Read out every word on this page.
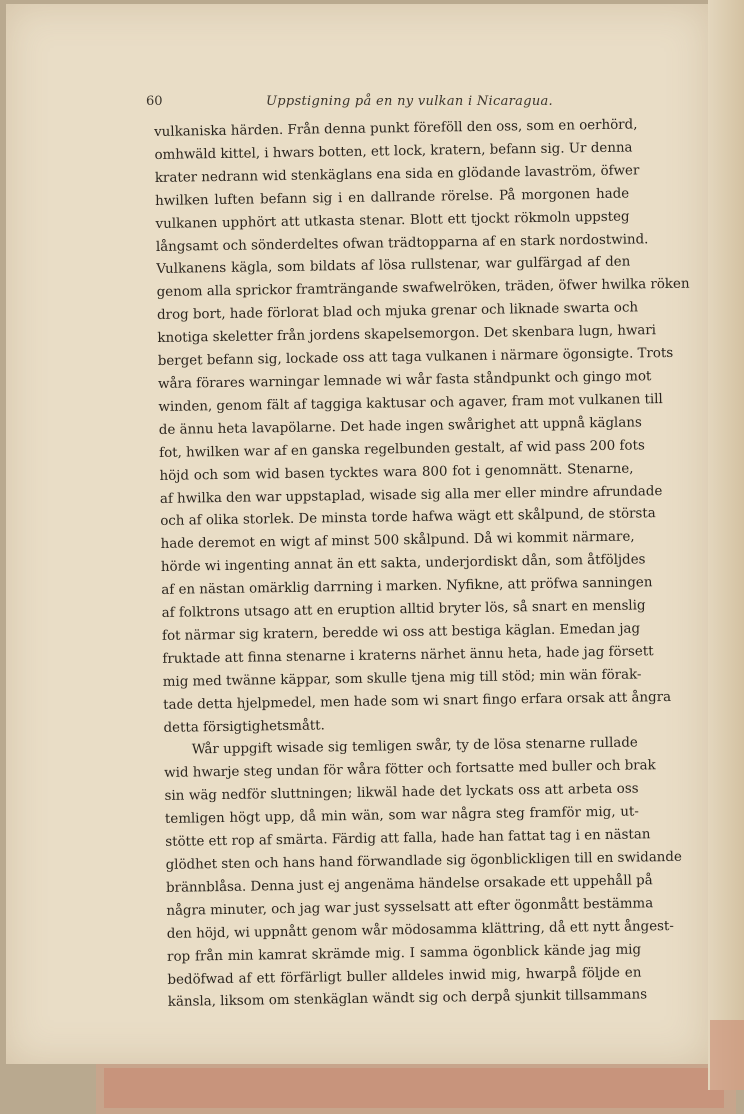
60	Uppstigning på en ny vulkan i Nicaragua.
vulkaniska härden. Från denna punkt föreföll den oss, som en oerhörd,
omhwäld kittel, i hwars botten, ett lock, kratern, befann sig. Ur denna
krater nedrann wid stenkäglans ena sida en glödande lavaström, öfwer
hwilken luften befann sig i en dallrande rörelse. På morgonen hade
vulkanen upphört att utkasta stenar. Blott ett tjockt rökmoln uppsteg
långsamt och sönderdeltes ofwan trädtopparna af en stark nordostwind.
Vulkanens kägla, som bildats af lösa rullstenar, war gulfärgad af den
genom alla sprickor framträngande swafwelröken, träden, öfwer hwilka röken
drog bort, hade förlorat blad och mjuka grenar och liknade swarta och
knotiga skeletter från jordens skapelsemorgon. Det skenbara lugn, hwari
berget befann sig, lockade oss att taga vulkanen i närmare ögonsigte. Trots
wåra förares warningar lemnade wi wår fasta ståndpunkt och gingo mot
winden, genom fält af taggiga kaktusar och agaver, fram mot vulkanen till
de ännu heta lavapölarne. Det hade ingen swårighet att uppnå käglans
fot, hwilken war af en ganska regelbunden gestalt, af wid pass 200 fots
höjd och som wid basen tycktes wara 800 fot i genomnätt. Stenarne,
af hwilka den war uppstaplad, wisade sig alla mer eller mindre afrundade
och af olika storlek. De minsta torde hafwa wägt ett skålpund, de största
hade deremot en wigt af minst 500 skålpund. Då wi kommit närmare,
hörde wi ingenting annat än ett sakta, underjordiskt dån, som åtföljdes
af en nästan omärklig darrning i marken. Nyfikne, att pröfwa sanningen
af folktrons utsago att en eruption alltid bryter lös, så snart en menslig
fot närmar sig kratern, beredde wi oss att bestiga käglan. Emedan jag
fruktade att finna stenarne i kraterns närhet ännu heta, hade jag försett
mig med twänne käppar, som skulle tjena mig till stöd; min wän förak-
tade detta hjelpmedel, men hade som wi snart fingo erfara orsak att ångra
detta försigtighetsmått.
Wår uppgift wisade sig temligen swår, ty de lösa stenarne rullade
wid hwarje steg undan för wåra fötter och fortsatte med buller och brak
sin wäg nedför sluttningen; likwäl hade det lyckats oss att arbeta oss
temligen högt upp, då min wän, som war några steg framför mig, ut-
stötte ett rop af smärta. Färdig att falla, hade han fattat tag i en nästan
glödhet sten och hans hand förwandlade sig ögonblickligen till en swidande
brännblåsa. Denna just ej angenäma händelse orsakade ett uppehåll på
några minuter, och jag war just sysselsatt att efter ögonmått bestämma
den höjd, wi uppnått genom wår mödosamma klättring, då ett nytt ångest-
rop från min kamrat skrämde mig. I samma ögonblick kände jag mig
bedöfwad af ett förfärligt buller alldeles inwid mig, hwarpå följde en
känsla, liksom om stenkäglan wändt sig och derpå sjunkit tillsammans
